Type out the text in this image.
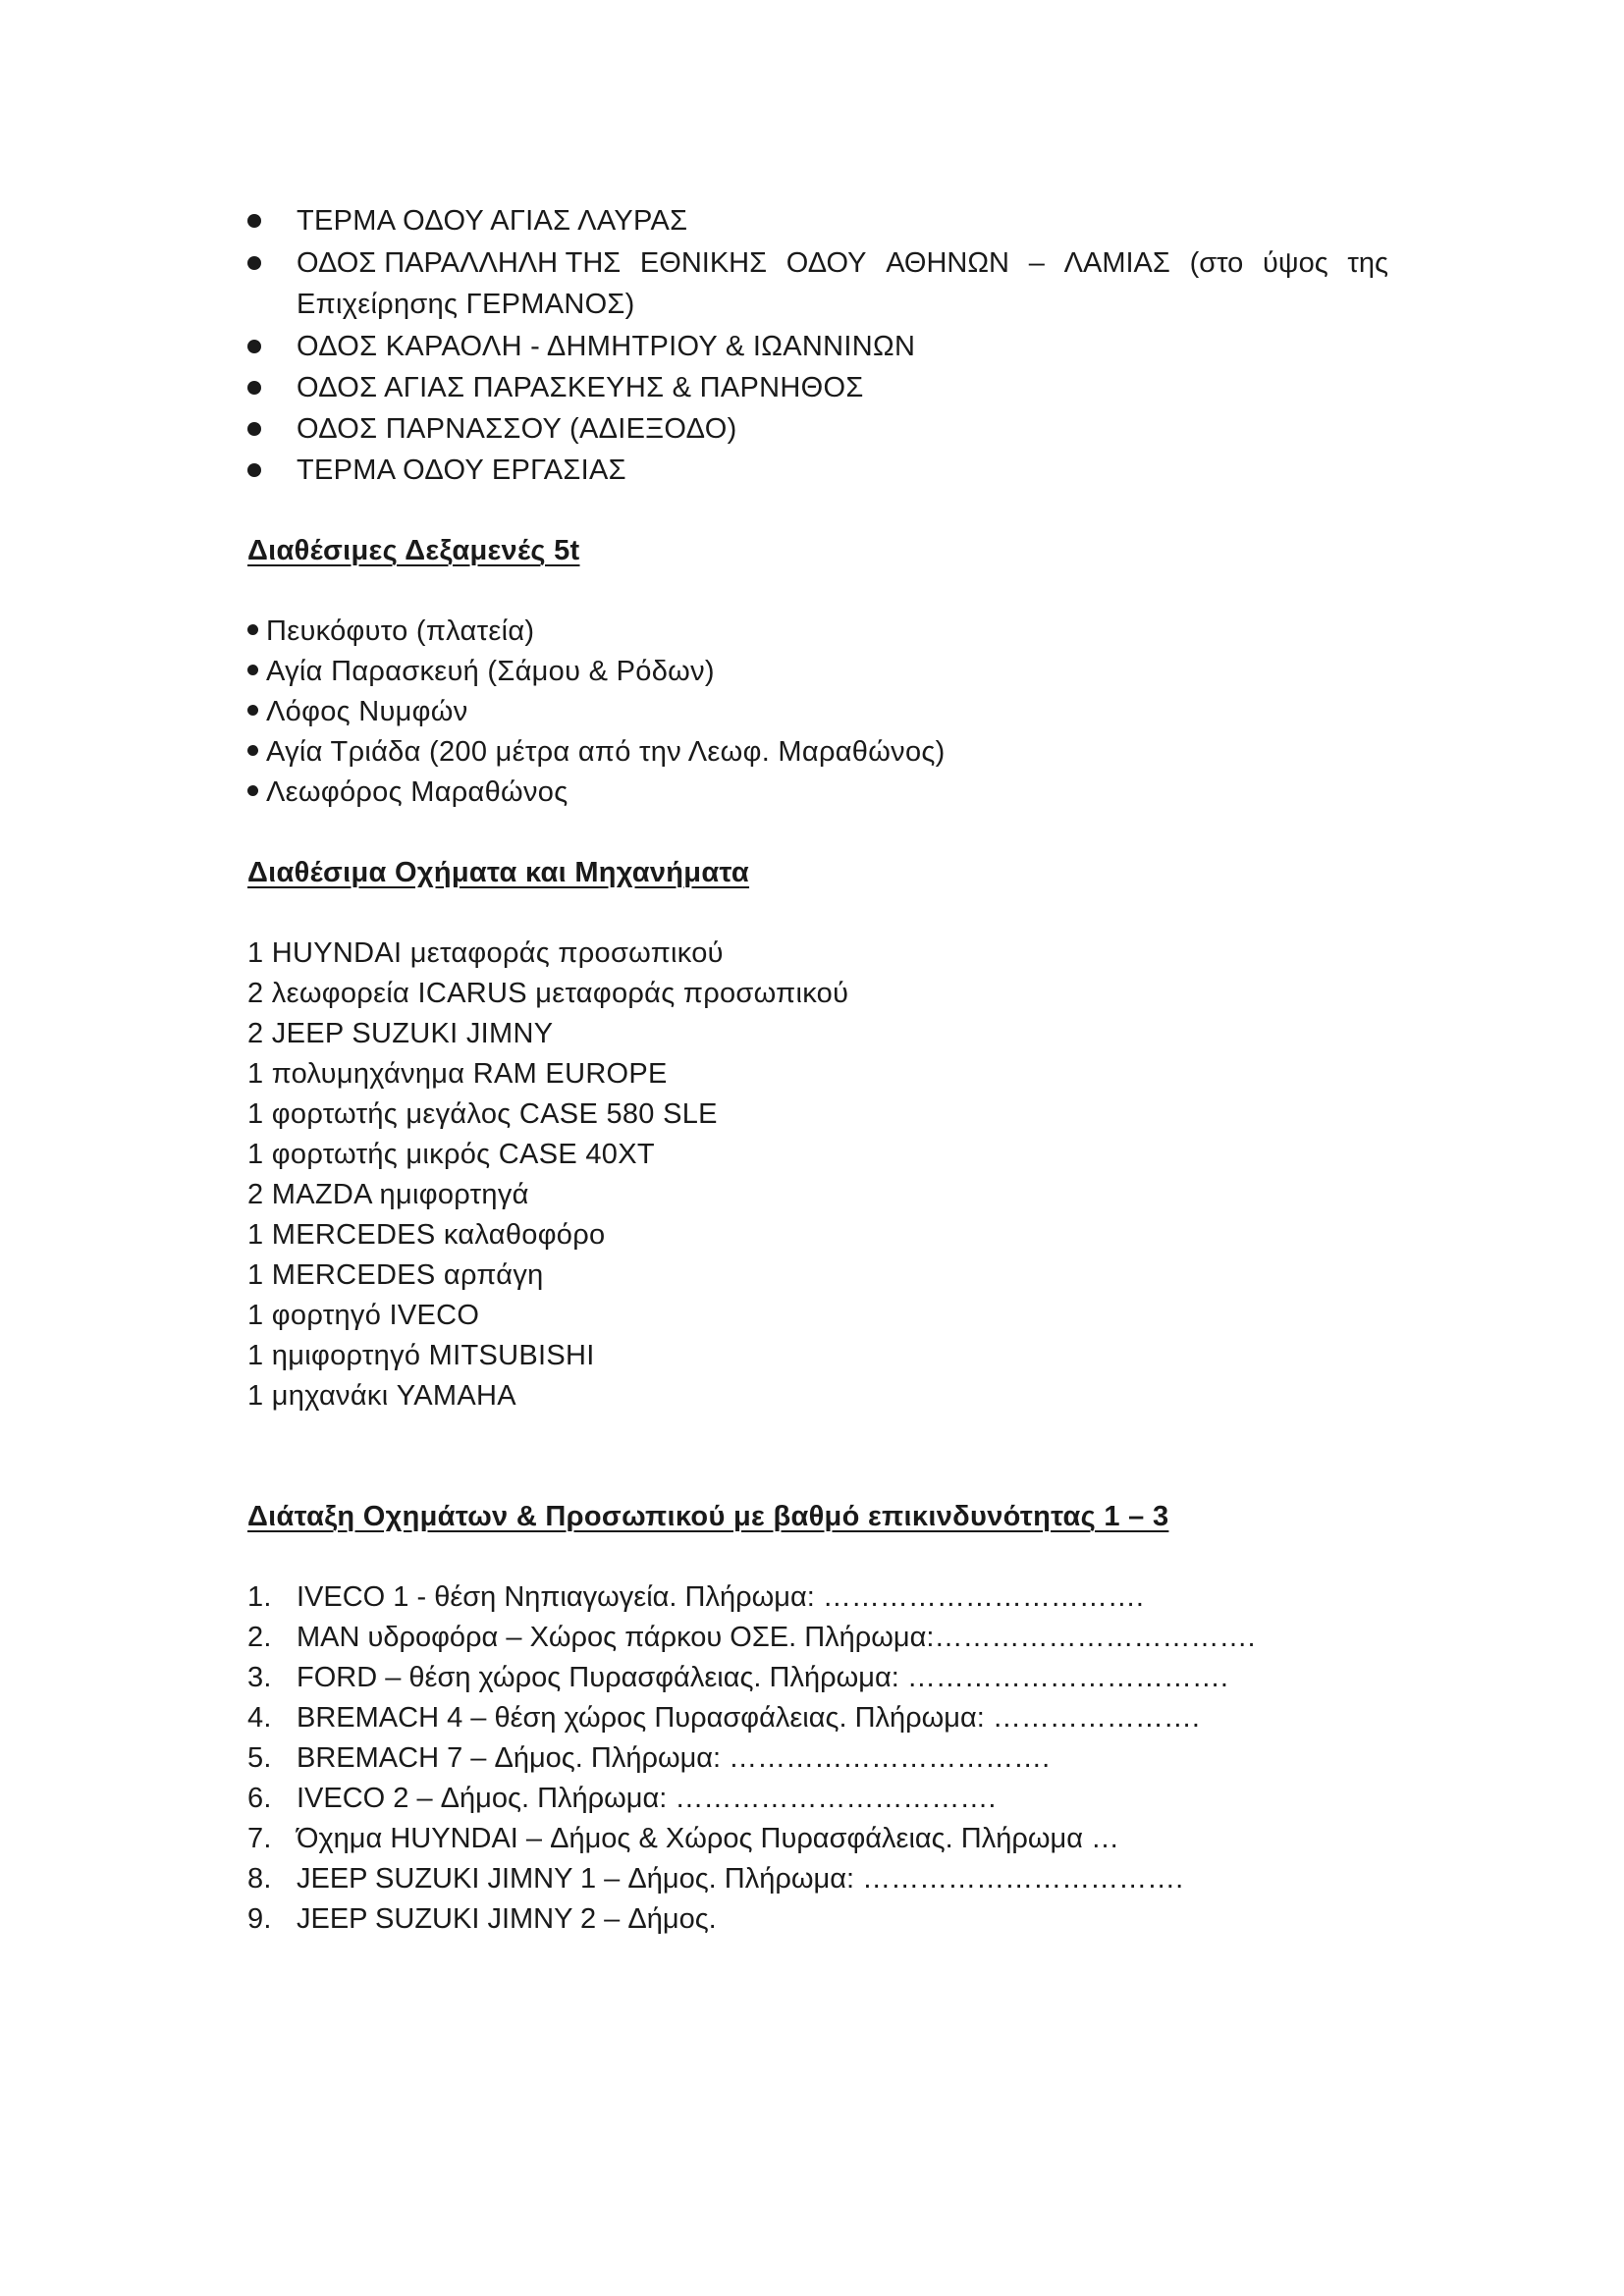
ΤΕΡΜΑ ΟΔΟΥ ΑΓΙΑΣ ΛΑΥΡΑΣ
ΟΔΟΣ ΠΑΡΑΛΛΗΛΗ ΤΗΣ ΕΘΝΙΚΗΣ ΟΔΟΥ ΑΘΗΝΩΝ – ΛΑΜΙΑΣ (στο ύψος της
Επιχείρησης ΓΕΡΜΑΝΟΣ)
ΟΔΟΣ ΚΑΡΑΟΛΗ - ΔΗΜΗΤΡΙΟΥ & ΙΩΑΝΝΙΝΩΝ
ΟΔΟΣ ΑΓΙΑΣ ΠΑΡΑΣΚΕΥΗΣ & ΠΑΡΝΗΘΟΣ
ΟΔΟΣ ΠΑΡΝΑΣΣΟΥ (ΑΔΙΕΞΟΔΟ)
ΤΕΡΜΑ ΟΔΟΥ ΕΡΓΑΣΙΑΣ
Διαθέσιμες Δεξαμενές 5t
Πευκόφυτο (πλατεία)
Αγία Παρασκευή (Σάμου & Ρόδων)
Λόφος Νυμφών
Αγία Τριάδα (200 μέτρα από την Λεωφ. Μαραθώνος)
Λεωφόρος Μαραθώνος
Διαθέσιμα Οχήματα και Μηχανήματα
1 HUYNDAI μεταφοράς προσωπικού
2 λεωφορεία ICARUS μεταφοράς προσωπικού
2 JEEP SUZUKI JIMNY
1 πολυμηχάνημα RAM EUROPE
1 φορτωτής μεγάλος CASE 580 SLE
1 φορτωτής μικρός CASE 40XT
2 MAZDA ημιφορτηγά
1 MERCEDES καλαθοφόρο
1 MERCEDES αρπάγη
1 φορτηγό IVECO
1 ημιφορτηγό MITSUBISHI
1 μηχανάκι YAMAHA
Διάταξη Οχημάτων & Προσωπικού με βαθμό επικινδυνότητας 1 – 3
1. IVECO 1 - θέση Νηπιαγωγεία. Πλήρωμα: …………………………….
2. MAN υδροφόρα – Χώρος πάρκου ΟΣΕ. Πλήρωμα:…………………………….
3. FORD – θέση χώρος Πυρασφάλειας. Πλήρωμα: …………………………….
4. BREMACH 4 – θέση χώρος Πυρασφάλειας. Πλήρωμα: ………………….
5. BREMACH 7 – Δήμος. Πλήρωμα: …………………………….
6. IVECO 2 – Δήμος. Πλήρωμα: …………………………….
7. Όχημα HUYNDAI – Δήμος & Χώρος Πυρασφάλειας. Πλήρωμα …
8. JEEP SUZUKI JIMNY 1 – Δήμος. Πλήρωμα: …………………………….
9. JEEP SUZUKI JIMNY 2 – Δήμος.
